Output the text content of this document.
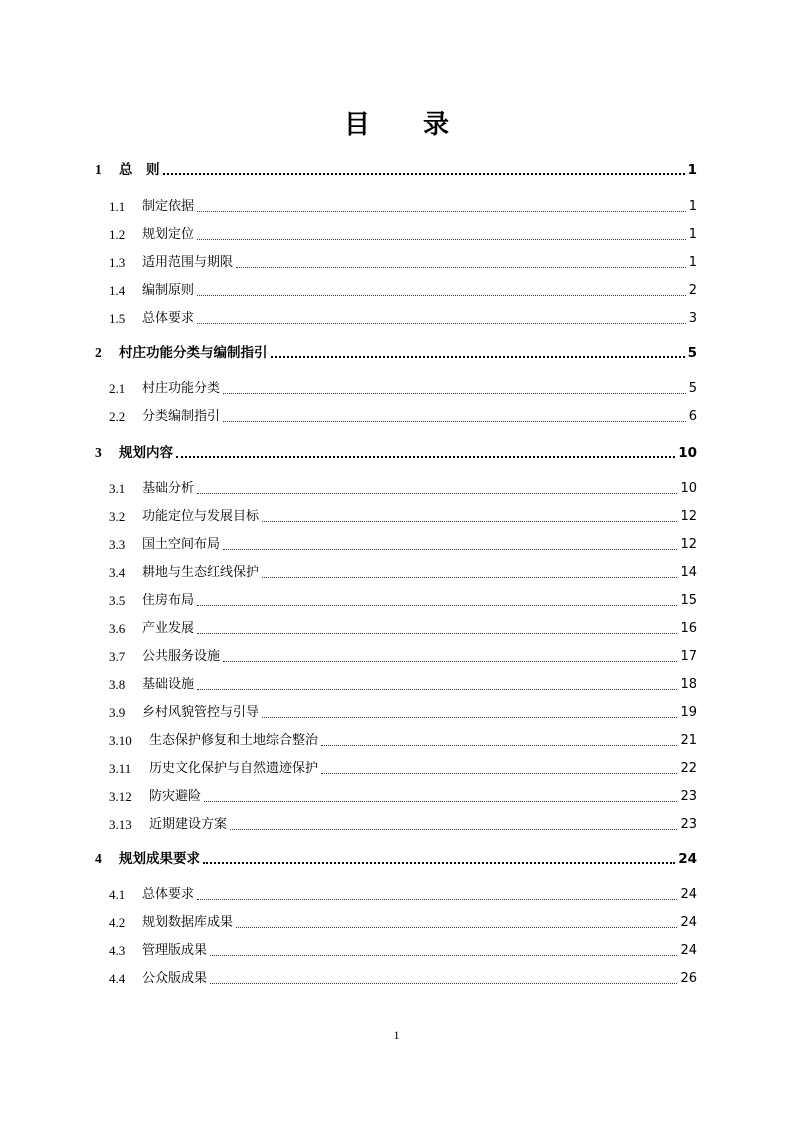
目 录
1	总　则	1
1.1	制定依据	1
1.2	规划定位	1
1.3	适用范围与期限	1
1.4	编制原则	2
1.5	总体要求	3
2	村庄功能分类与编制指引	5
2.1	村庄功能分类	5
2.2	分类编制指引	6
3	规划内容	10
3.1	基础分析	10
3.2	功能定位与发展目标	12
3.3	国土空间布局	12
3.4	耕地与生态红线保护	14
3.5	住房布局	15
3.6	产业发展	16
3.7	公共服务设施	17
3.8	基础设施	18
3.9	乡村风貌管控与引导	19
3.10	生态保护修复和土地综合整治	21
3.11	历史文化保护与自然遗迹保护	22
3.12	防灾避险	23
3.13	近期建设方案	23
4	规划成果要求	24
4.1	总体要求	24
4.2	规划数据库成果	24
4.3	管理版成果	24
4.4	公众版成果	26
1
